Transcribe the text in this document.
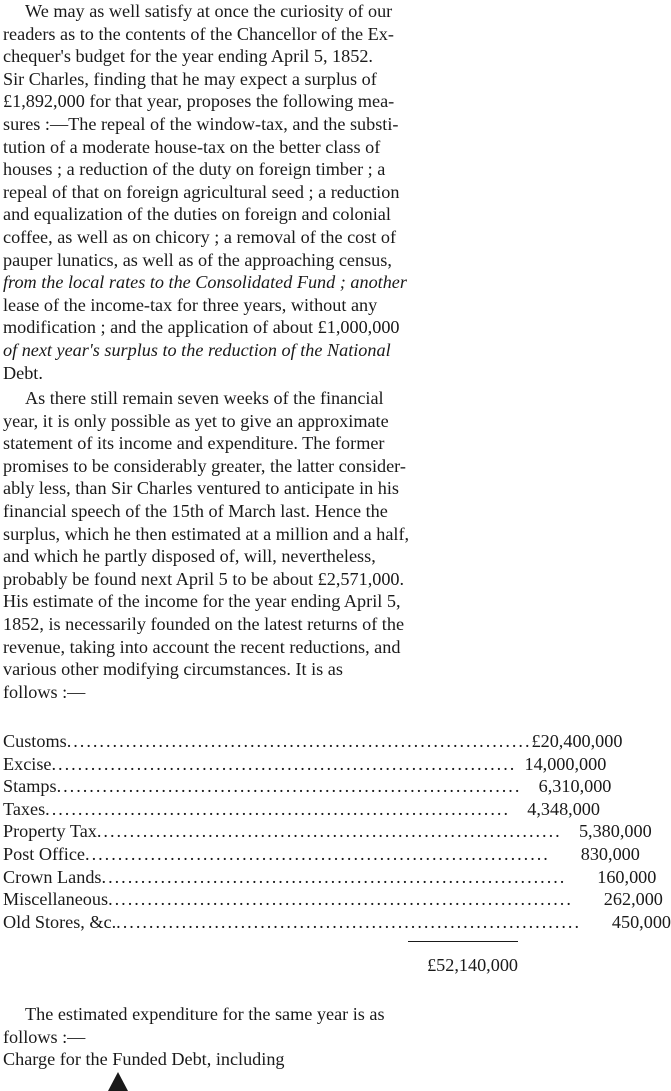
We may as well satisfy at once the curiosity of our
readers as to the contents of the Chancellor of the Ex-
chequer's budget for the year ending April 5, 1852.
Sir Charles, finding that he may expect a surplus of
£1,892,000 for that year, proposes the following mea-
sures :—The repeal of the window-tax, and the substi-
tution of a moderate house-tax on the better class of
houses ; a reduction of the duty on foreign timber ; a
repeal of that on foreign agricultural seed ; a reduction
and equalization of the duties on foreign and colonial
coffee, as well as on chicory ; a removal of the cost of
pauper lunatics, as well as of the approaching census,
from the local rates to the Consolidated Fund ; another
lease of the income-tax for three years, without any
modification ; and the application of about £1,000,000
of next year's surplus to the reduction of the National
Debt.
As there still remain seven weeks of the financial
year, it is only possible as yet to give an approximate
statement of its income and expenditure. The former
promises to be considerably greater, the latter consider-
ably less, than Sir Charles ventured to anticipate in his
financial speech of the 15th of March last. Hence the
surplus, which he then estimated at a million and a half,
and which he partly disposed of, will, nevertheless,
probably be found next April 5 to be about £2,571,000.
His estimate of the income for the year ending April 5,
1852, is necessarily founded on the latest returns of the
revenue, taking into account the recent reductions, and
various other modifying circumstances. It is as
follows :—
Customs ....................................................................... £20,400,000
Excise ....................................................................... 14,000,000
Stamps ....................................................................... 6,310,000
Taxes ....................................................................... 4,348,000
Property Tax ....................................................................... 5,380,000
Post Office .......................................................................	830,000
Crown Lands .......................................................................	160,000
Miscellaneous .......................................................................	262,000
Old Stores, &c. .......................................................................	450,000
£52,140,000
The estimated expenditure for the same year is as
follows :—
Charge for the Funded Debt, including
